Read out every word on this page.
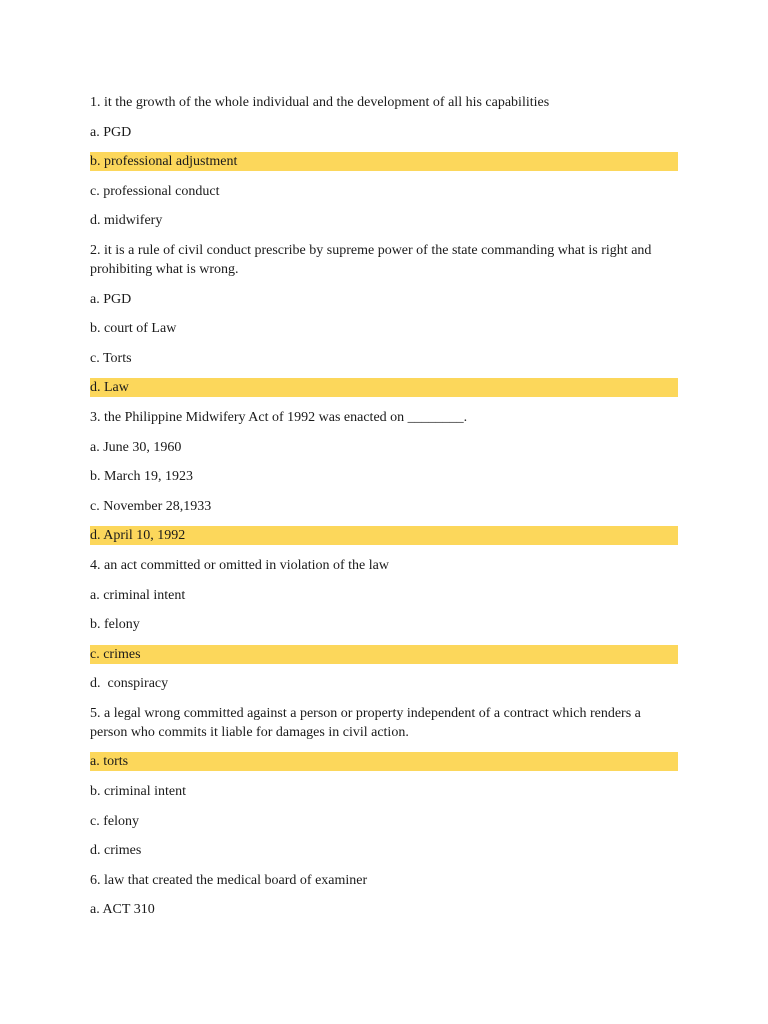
1. it the growth of the whole individual and the development of all his capabilities

a. PGD

b. professional adjustment

c. professional conduct

d. midwifery

2. it is a rule of civil conduct prescribe by supreme power of the state commanding what is right and prohibiting what is wrong.

a. PGD

b. court of Law

c. Torts

d. Law

3. the Philippine Midwifery Act of 1992 was enacted on ________.

a. June 30, 1960

b. March 19, 1923

c. November 28,1933

d. April 10, 1992

4. an act committed or omitted in violation of the law

a. criminal intent

b. felony

c. crimes

d.  conspiracy

5. a legal wrong committed against a person or property independent of a contract which renders a person who commits it liable for damages in civil action.

a. torts

b. criminal intent

c. felony

d. crimes

6. law that created the medical board of examiner

a. ACT 310
